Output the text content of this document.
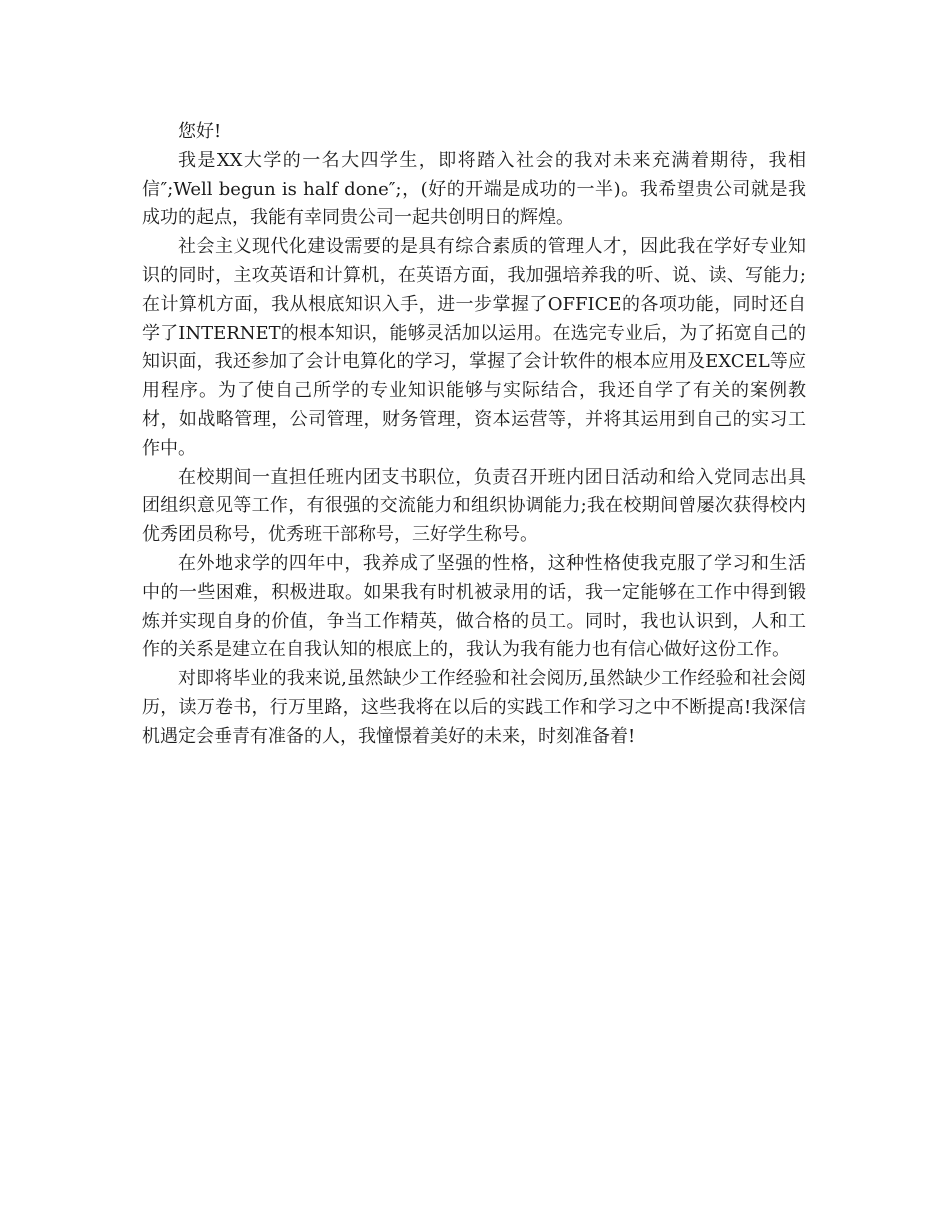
您好!

我是XX大学的一名大四学生，即将踏入社会的我对未来充满着期待，我相信″;Well begun is half done″;，(好的开端是成功的一半)。我希望贵公司就是我成功的起点，我能有幸同贵公司一起共创明日的辉煌。

社会主义现代化建设需要的是具有综合素质的管理人才，因此我在学好专业知识的同时，主攻英语和计算机，在英语方面，我加强培养我的听、说、读、写能力;在计算机方面，我从根底知识入手，进一步掌握了OFFICE的各项功能，同时还自学了INTERNET的根本知识，能够灵活加以运用。在选完专业后，为了拓宽自己的知识面，我还参加了会计电算化的学习，掌握了会计软件的根本应用及EXCEL等应用程序。为了使自己所学的专业知识能够与实际结合，我还自学了有关的案例教材，如战略管理，公司管理，财务管理，资本运营等，并将其运用到自己的实习工作中。

在校期间一直担任班内团支书职位，负责召开班内团日活动和给入党同志出具团组织意见等工作，有很强的交流能力和组织协调能力;我在校期间曾屡次获得校内优秀团员称号，优秀班干部称号，三好学生称号。

在外地求学的四年中，我养成了坚强的性格，这种性格使我克服了学习和生活中的一些困难，积极进取。如果我有时机被录用的话，我一定能够在工作中得到锻炼并实现自身的价值，争当工作精英，做合格的员工。同时，我也认识到，人和工作的关系是建立在自我认知的根底上的，我认为我有能力也有信心做好这份工作。

对即将毕业的我来说,虽然缺少工作经验和社会阅历,虽然缺少工作经验和社会阅历，读万卷书，行万里路，这些我将在以后的实践工作和学习之中不断提高!我深信机遇定会垂青有准备的人，我憧憬着美好的未来，时刻准备着!
